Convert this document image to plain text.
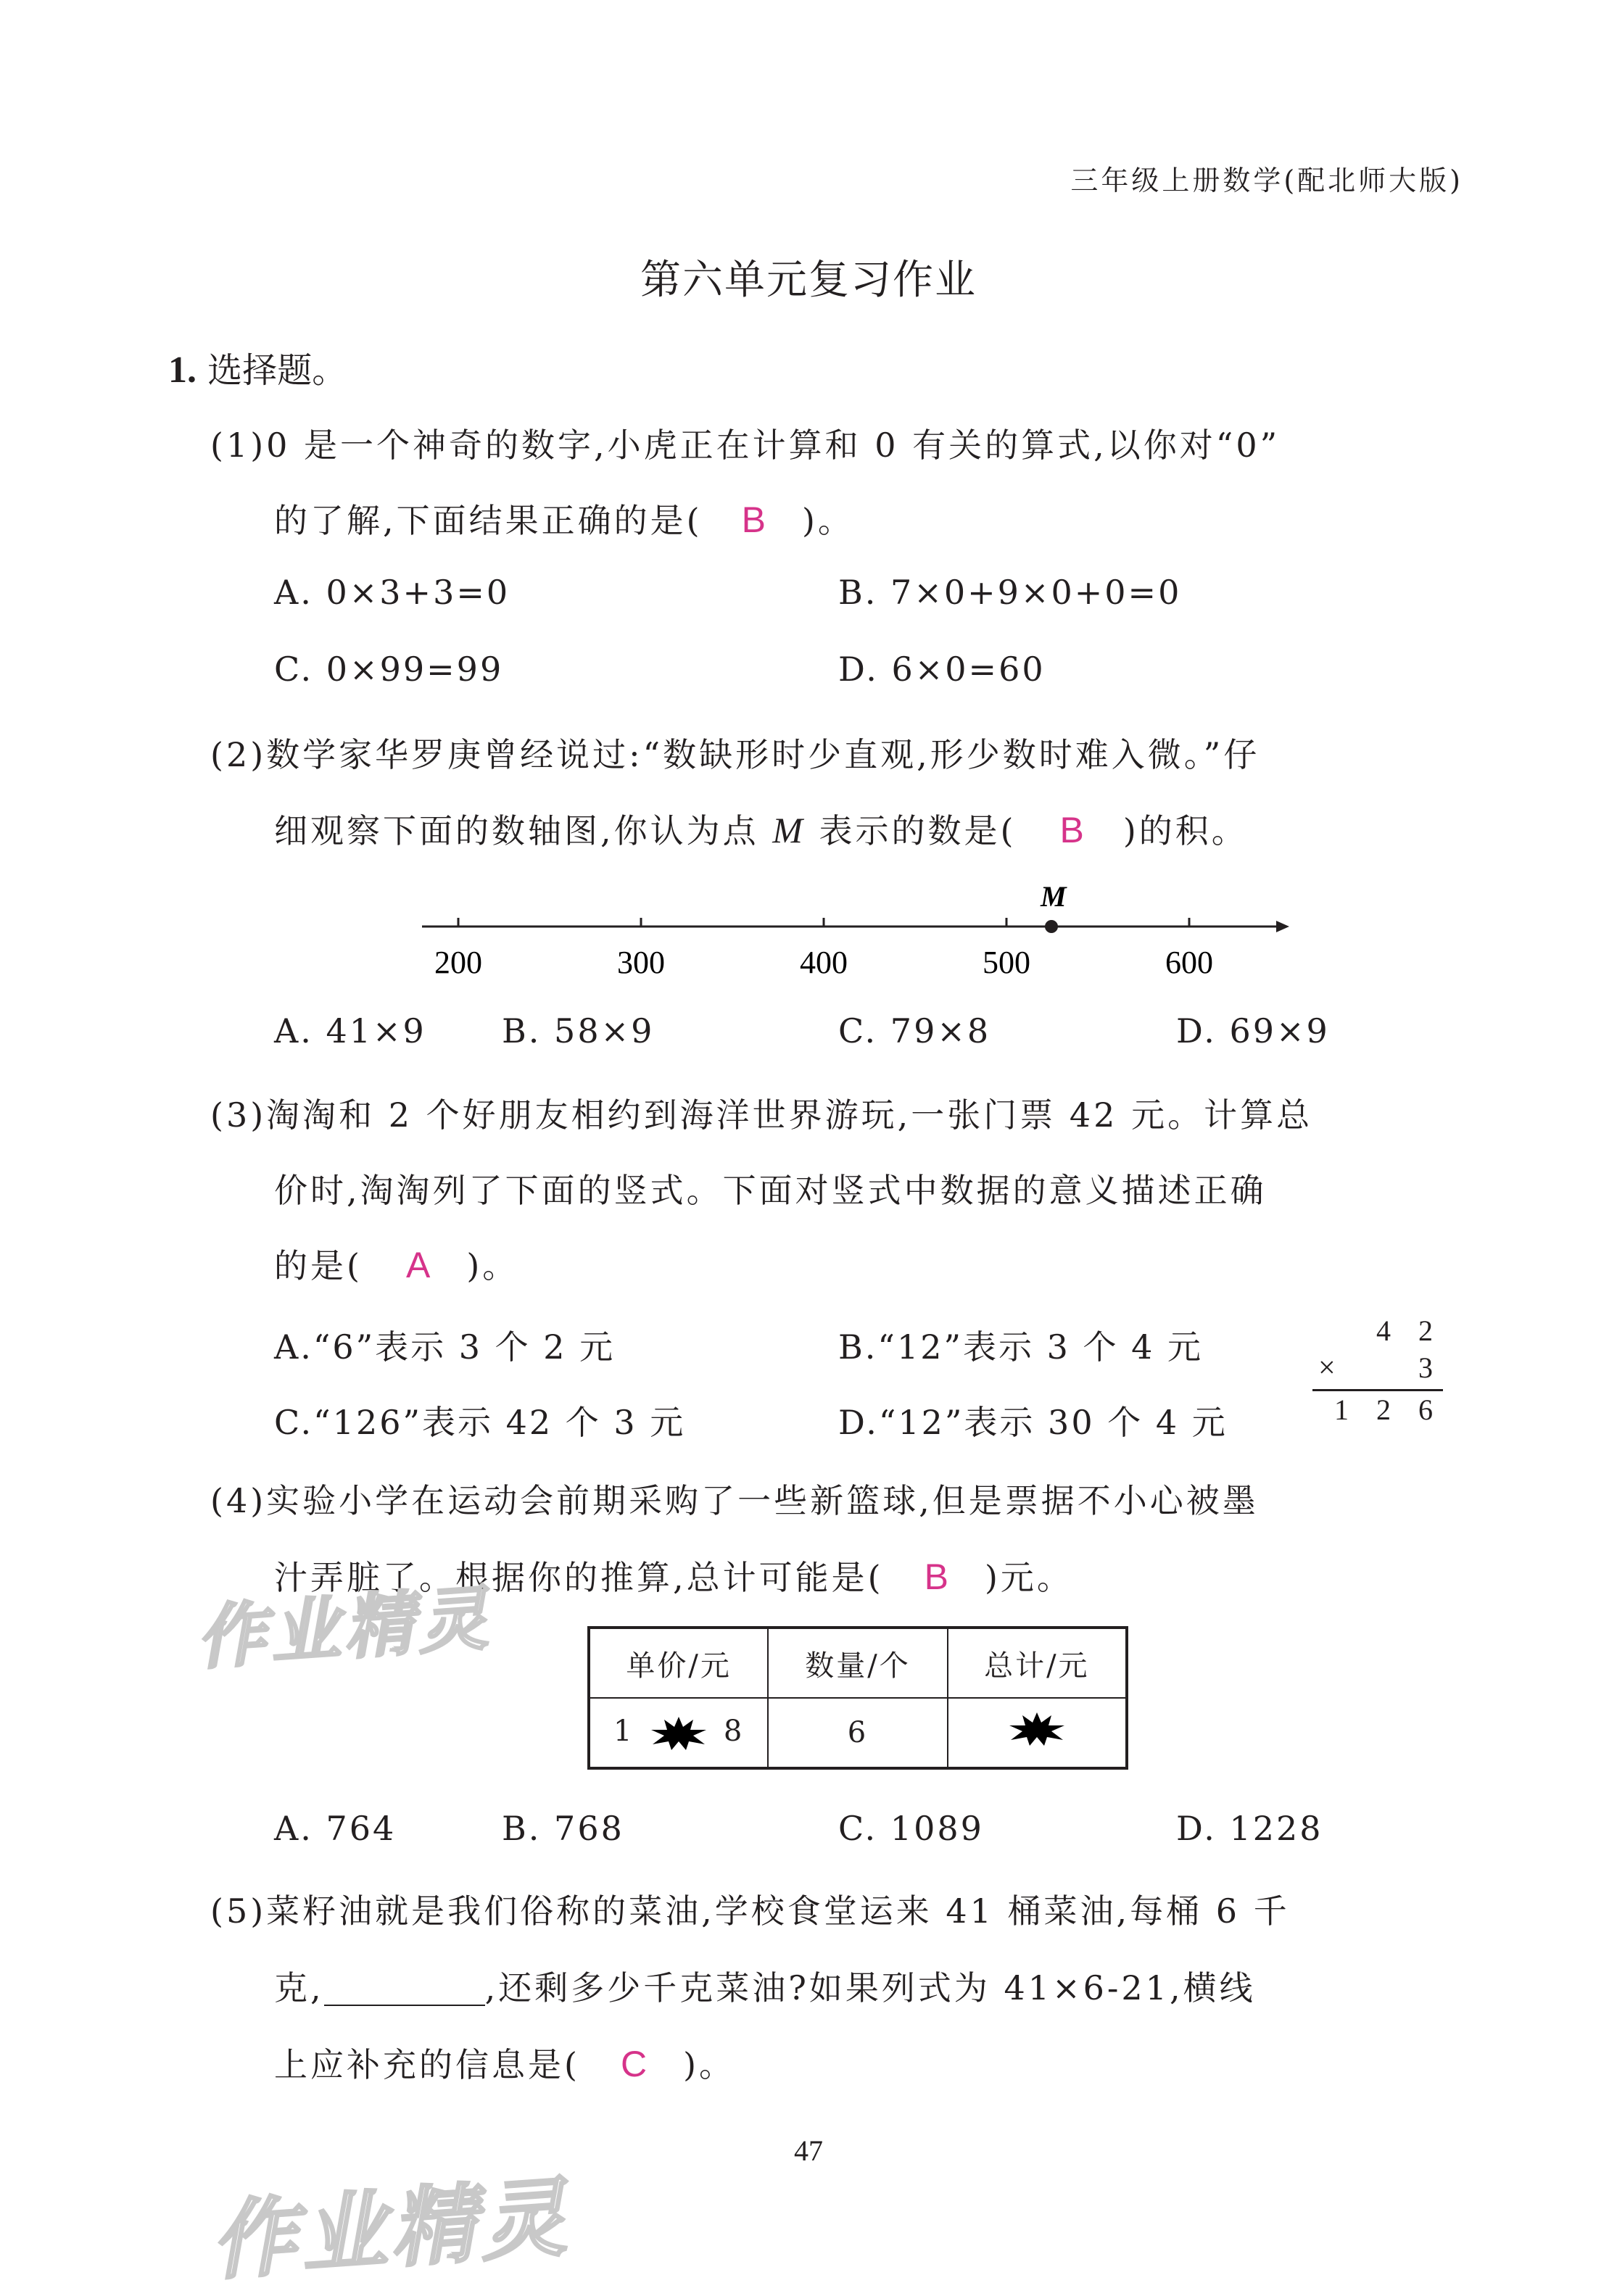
三年级上册数学(配北师大版)
第六单元复习作业
1. 选择题。
(1)0 是一个神奇的数字,小虎正在计算和 0 有关的算式,以你对“0”
的了解,下面结果正确的是( B )。
A. 0×3+3=0	B. 7×0+9×0+0=0
C. 0×99=99	D. 6×0=60
(2)数学家华罗庚曾经说过:“数缺形时少直观,形少数时难入微。”仔
细观察下面的数轴图,你认为点 M 表示的数是( B )的积。
M
200	300	400	500	600
A. 41×9 B. 58×9	C. 79×8	D. 69×9
(3)淘淘和 2 个好朋友相约到海洋世界游玩,一张门票 42 元。计算总
价时,淘淘列了下面的竖式。下面对竖式中数据的意义描述正确
的是( A )。
A.“6”表示 3 个 2 元	B.“12”表示 3 个 4 元
C.“126”表示 42 个 3 元	D.“12”表示 30 个 4 元
4 2
×	3
1 2 6
(4)实验小学在运动会前期采购了一些新篮球,但是票据不小心被墨
汁弄脏了。根据你的推算,总计可能是( B )元。
单价/元	数量/个	总计/元
1 8	6	
A. 764	B. 768	C. 1089	D. 1228
(5)菜籽油就是我们俗称的菜油,学校食堂运来 41 桶菜油,每桶 6 千
克,	,还剩多少千克菜油?如果列式为 41×6-21,横线
上应补充的信息是( C )。
47
作业精灵
作业精灵
